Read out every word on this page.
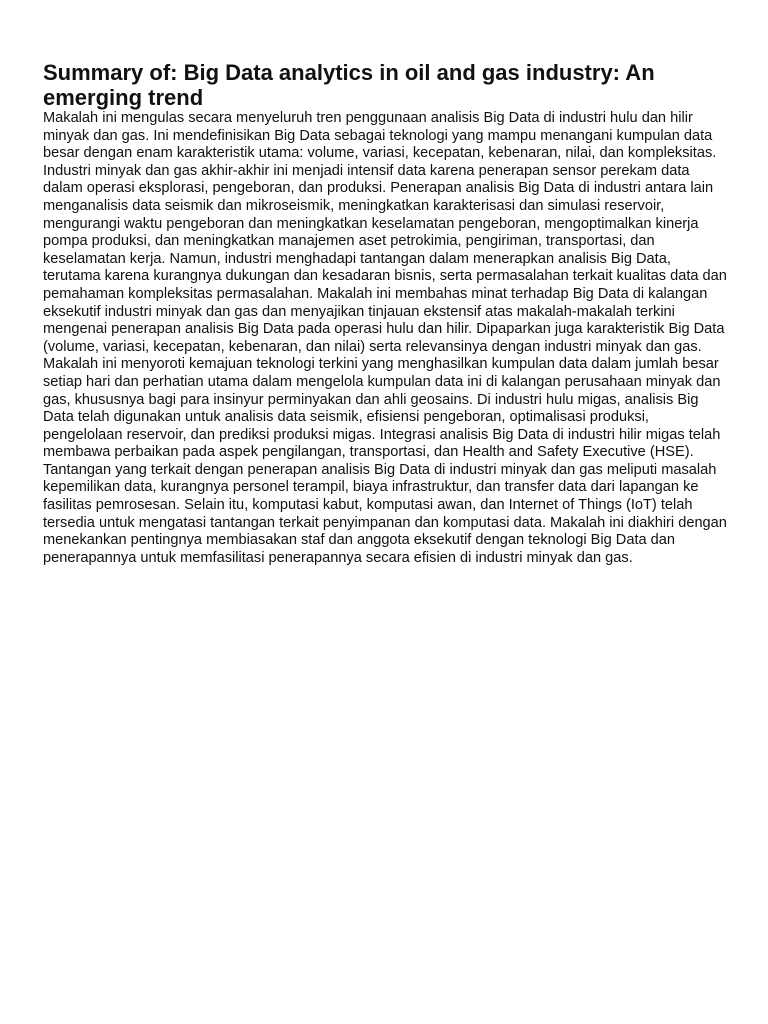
Summary of: Big Data analytics in oil and gas industry: An emerging trend

Makalah ini mengulas secara menyeluruh tren penggunaan analisis Big Data di industri hulu dan hilir minyak dan gas. Ini mendefinisikan Big Data sebagai teknologi yang mampu menangani kumpulan data besar dengan enam karakteristik utama: volume, variasi, kecepatan, kebenaran, nilai, dan kompleksitas. Industri minyak dan gas akhir-akhir ini menjadi intensif data karena penerapan sensor perekam data dalam operasi eksplorasi, pengeboran, dan produksi. Penerapan analisis Big Data di industri antara lain menganalisis data seismik dan mikroseismik, meningkatkan karakterisasi dan simulasi reservoir, mengurangi waktu pengeboran dan meningkatkan keselamatan pengeboran, mengoptimalkan kinerja pompa produksi, dan meningkatkan manajemen aset petrokimia, pengiriman, transportasi, dan keselamatan kerja. Namun, industri menghadapi tantangan dalam menerapkan analisis Big Data, terutama karena kurangnya dukungan dan kesadaran bisnis, serta permasalahan terkait kualitas data dan pemahaman kompleksitas permasalahan. Makalah ini membahas minat terhadap Big Data di kalangan eksekutif industri minyak dan gas dan menyajikan tinjauan ekstensif atas makalah-makalah terkini mengenai penerapan analisis Big Data pada operasi hulu dan hilir. Dipaparkan juga karakteristik Big Data (volume, variasi, kecepatan, kebenaran, dan nilai) serta relevansinya dengan industri minyak dan gas. Makalah ini menyoroti kemajuan teknologi terkini yang menghasilkan kumpulan data dalam jumlah besar setiap hari dan perhatian utama dalam mengelola kumpulan data ini di kalangan perusahaan minyak dan gas, khususnya bagi para insinyur perminyakan dan ahli geosains. Di industri hulu migas, analisis Big Data telah digunakan untuk analisis data seismik, efisiensi pengeboran, optimalisasi produksi, pengelolaan reservoir, dan prediksi produksi migas. Integrasi analisis Big Data di industri hilir migas telah membawa perbaikan pada aspek pengilangan, transportasi, dan Health and Safety Executive (HSE). Tantangan yang terkait dengan penerapan analisis Big Data di industri minyak dan gas meliputi masalah kepemilikan data, kurangnya personel terampil, biaya infrastruktur, dan transfer data dari lapangan ke fasilitas pemrosesan. Selain itu, komputasi kabut, komputasi awan, dan Internet of Things (IoT) telah tersedia untuk mengatasi tantangan terkait penyimpanan dan komputasi data. Makalah ini diakhiri dengan menekankan pentingnya membiasakan staf dan anggota eksekutif dengan teknologi Big Data dan penerapannya untuk memfasilitasi penerapannya secara efisien di industri minyak dan gas.
